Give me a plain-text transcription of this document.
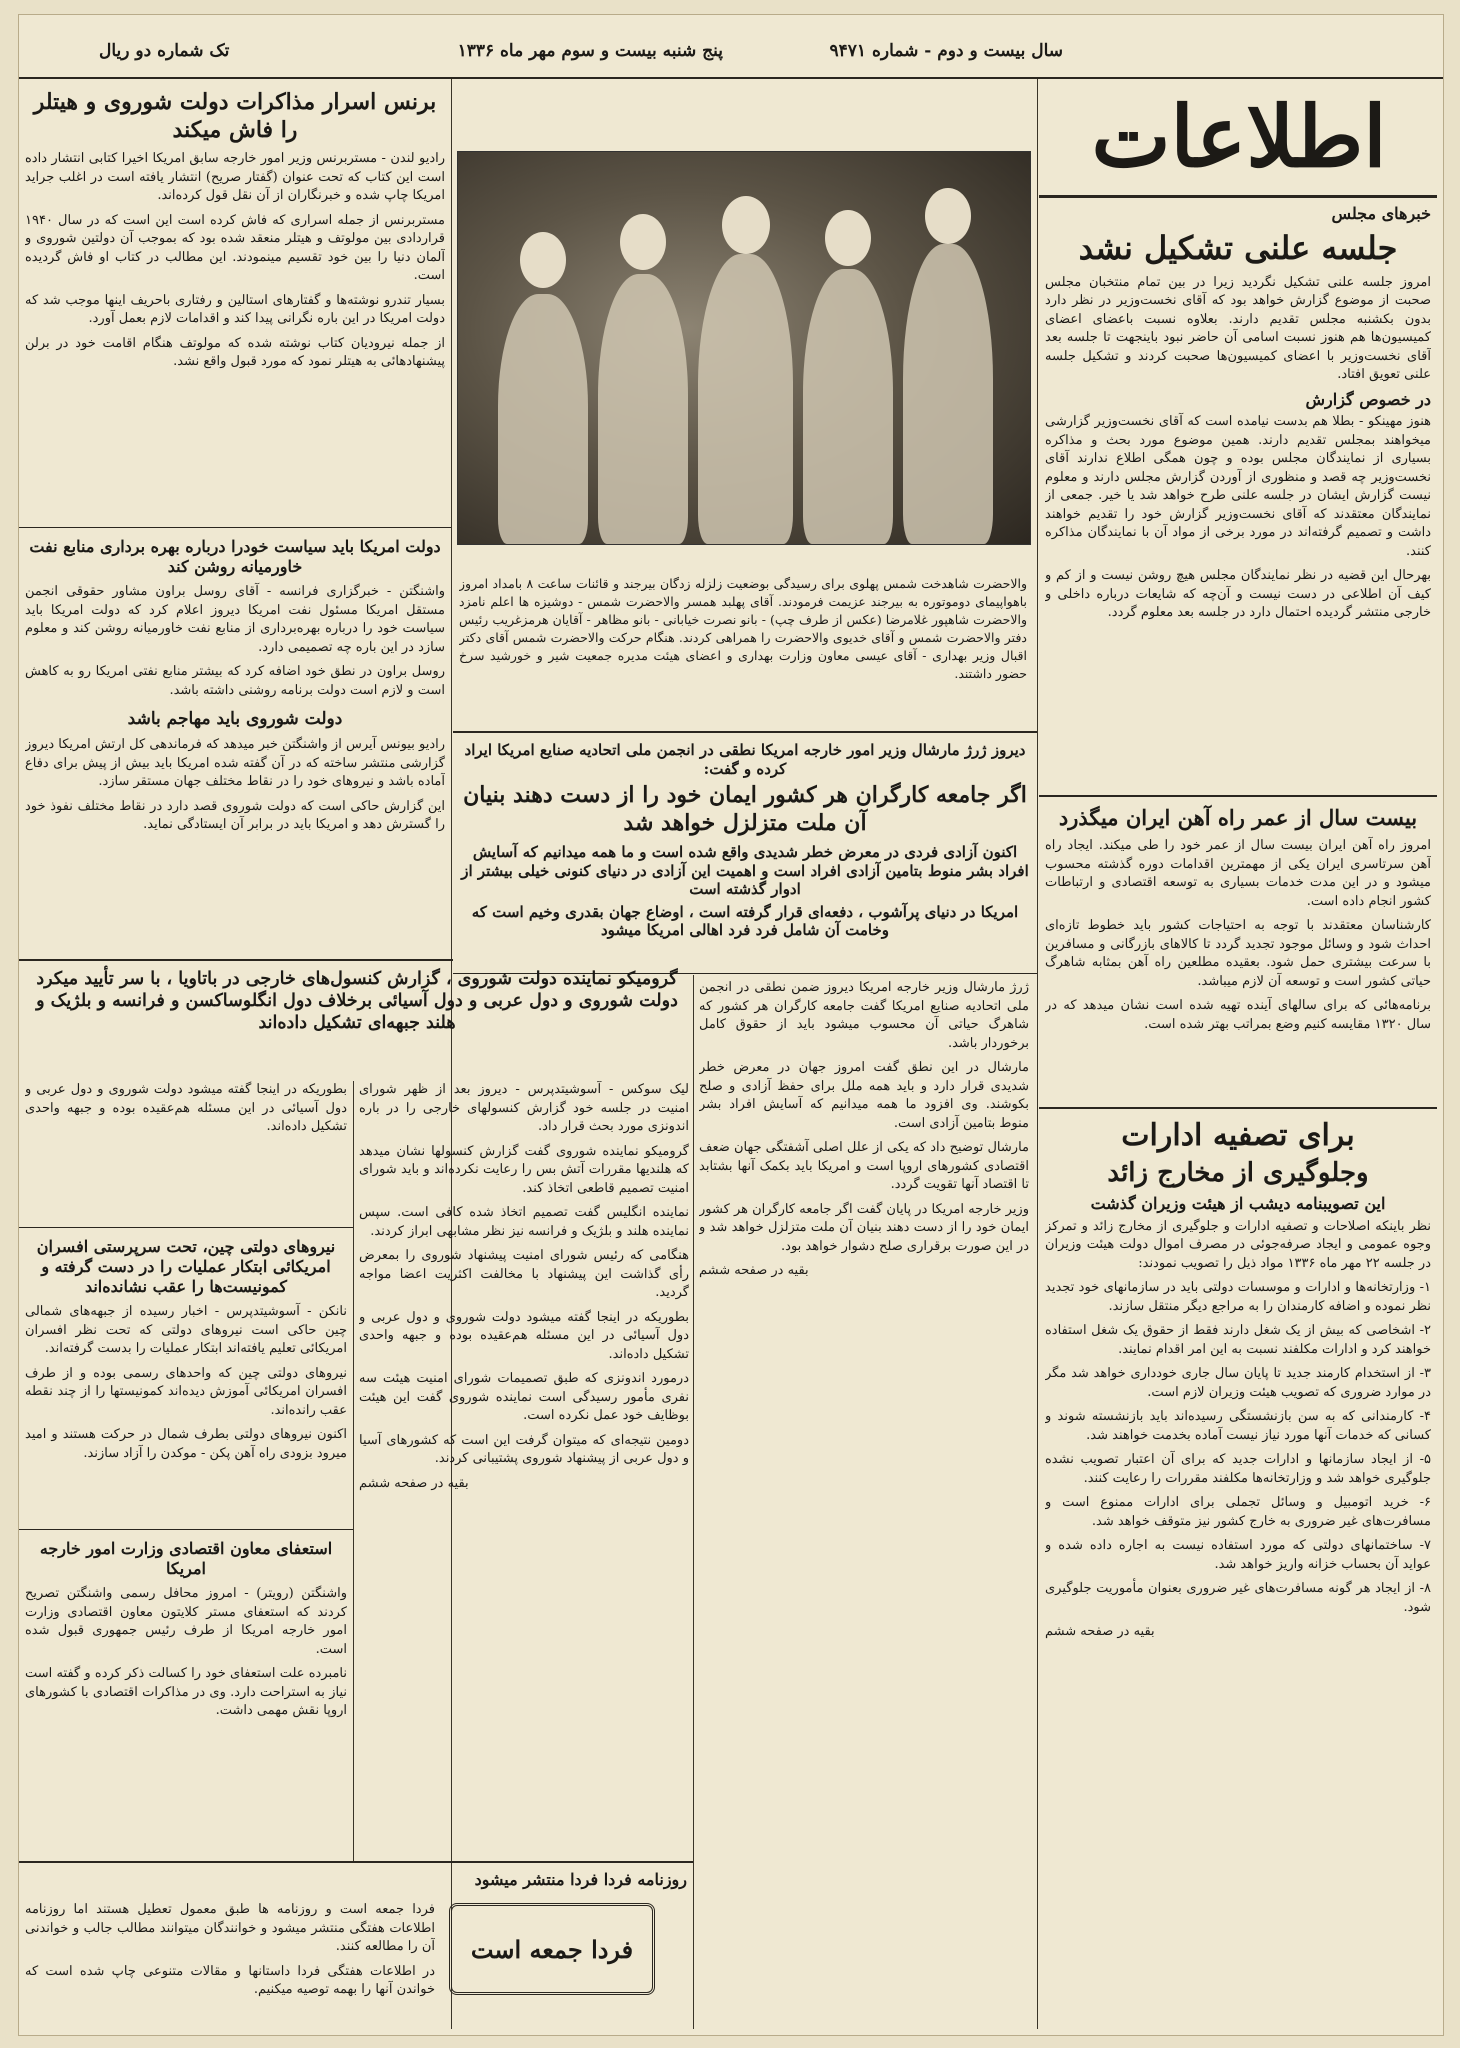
سال بیست و دوم - شماره ۹۴۷۱
پنج شنبه بیست و سوم مهر ماه ۱۳۳۶
تک شماره دو ریال
اطلاعات
خبرهای مجلس
جلسه علنی تشکیل نشد

امروز جلسه علنی تشکیل نگردید زیرا در بین تمام منتخبان مجلس صحبت از موضوع گزارش خواهد بود که آقای نخست‌وزیر در نظر دارد بدون بکشنبه مجلس تقدیم دارند. بعلاوه نسبت باعضای اعضای کمیسیون‌ها هم هنوز نسبت اسامی آن حاضر نبود باینجهت تا جلسه بعد آقای نخست‌وزیر با اعضای کمیسیون‌ها صحبت کردند و تشکیل جلسه علنی تعویق افتاد.

در خصوص گزارش

هنوز مهینکو - بطلا هم بدست نیامده است که آقای نخست‌وزیر گزارشی میخواهند بمجلس تقدیم دارند. همین موضوع مورد بحث و مذاکره بسیاری از نمایندگان مجلس بوده و چون همگی اطلاع ندارند آقای نخست‌وزیر چه قصد و منظوری از آوردن گزارش مجلس دارند و معلوم نیست گزارش ایشان در جلسه علنی طرح خواهد شد یا خیر. جمعی از نمایندگان معتقدند که آقای نخست‌وزیر گزارش خود را تقدیم خواهند داشت و تصمیم گرفته‌اند در مورد برخی از مواد آن با نمایندگان مذاکره کنند.

بهرحال این قضیه در نظر نمایندگان مجلس هیچ روشن نیست و از کم و کیف آن اطلاعی در دست نیست و آن‌چه که شایعات درباره داخلی و خارجی منتشر گردیده احتمال دارد در جلسه بعد معلوم گردد.

بیست سال از عمر راه آهن ایران میگذرد

امروز راه آهن ایران بیست سال از عمر خود را طی میکند. ایجاد راه آهن سرتاسری ایران یکی از مهمترین اقدامات دوره گذشته محسوب میشود و در این مدت خدمات بسیاری به توسعه اقتصادی و ارتباطات کشور انجام داده است.

کارشناسان معتقدند با توجه به احتیاجات کشور باید خطوط تازه‌ای احداث شود و وسائل موجود تجدید گردد تا کالاهای بازرگانی و مسافرین با سرعت بیشتری حمل شود. بعقیده مطلعین راه آهن بمثابه شاهرگ حیاتی کشور است و توسعه آن لازم میباشد.

برنامه‌هائی که برای سالهای آینده تهیه شده است نشان میدهد که در سال ۱۳۲۰ مقایسه کنیم وضع بمراتب بهتر شده است.

برای تصفیه ادارات
وجلوگیری از مخارج زائد
این تصویبنامه دیشب از هیئت وزیران گذشت

نظر باینکه اصلاحات و تصفیه ادارات و جلوگیری از مخارج زائد و تمرکز وجوه عمومی و ایجاد صرفه‌جوئی در مصرف اموال دولت هیئت وزیران در جلسه ۲۲ مهر ماه ۱۳۳۶ مواد ذیل را تصویب نمودند:

۱- وزارتخانه‌ها و ادارات و موسسات دولتی باید در سازمانهای خود تجدید نظر نموده و اضافه کارمندان را به مراجع دیگر منتقل سازند.

۲- اشخاصی که بیش از یک شغل دارند فقط از حقوق یک شغل استفاده خواهند کرد و ادارات مکلفند نسبت به این امر اقدام نمایند.

۳- از استخدام کارمند جدید تا پایان سال جاری خودداری خواهد شد مگر در موارد ضروری که تصویب هیئت وزیران لازم است.

۴- کارمندانی که به سن بازنشستگی رسیده‌اند باید بازنشسته شوند و کسانی که خدمات آنها مورد نیاز نیست آماده بخدمت خواهند شد.

۵- از ایجاد سازمانها و ادارات جدید که برای آن اعتبار تصویب نشده جلوگیری خواهد شد و وزارتخانه‌ها مکلفند مقررات را رعایت کنند.

۶- خرید اتومبیل و وسائل تجملی برای ادارات ممنوع است و مسافرت‌های غیر ضروری به خارج کشور نیز متوقف خواهد شد.

۷- ساختمانهای دولتی که مورد استفاده نیست به اجاره داده شده و عواید آن بحساب خزانه واریز خواهد شد.

۸- از ایجاد هر گونه مسافرت‌های غیر ضروری بعنوان مأموریت جلوگیری شود.

بقیه در صفحه ششم

والاحضرت شاهدخت شمس پهلوی برای رسیدگی بوضعیت زلزله زدگان بیرجند و قائنات ساعت ۸ بامداد امروز باهواپیمای دوموتوره به بیرجند عزیمت فرمودند. آقای پهلبد همسر والاحضرت شمس - دوشیزه ها اعلم نامزد والاحضرت شاهپور غلامرضا (عکس از طرف چپ) - بانو نصرت خیابانی - بانو مظاهر - آقایان هرمزغریب رئیس دفتر والاحضرت شمس و آقای خدیوی والاحضرت را همراهی کردند. هنگام حرکت والاحضرت شمس آقای دکتر اقبال وزیر بهداری - آقای عیسی معاون وزارت بهداری و اعضای هیئت مدیره جمعیت شیر و خورشید سرخ حضور داشتند.
دیروز ژرژ مارشال وزیر امور خارجه امریکا نطقی در انجمن ملی اتحادیه صنایع امریکا ایراد کرده و گفت:
اگر جامعه کارگران هر کشور ایمان خود را از دست دهند بنیان آن ملت متزلزل خواهد شد
اکنون آزادی فردی در معرض خطر شدیدی واقع شده است و ما همه میدانیم که آسایش افراد بشر منوط بتامین آزادی افراد است و اهمیت این آزادی در دنیای کنونی خیلی بیشتر از ادوار گذشته است
امریکا در دنیای پرآشوب ، دفعه‌ای قرار گرفته است ، اوضاع جهان بقدری وخیم است که وخامت آن شامل فرد فرد اهالی امریکا میشود

ژرژ مارشال وزیر خارجه امریکا دیروز ضمن نطقی در انجمن ملی اتحادیه صنایع امریکا گفت جامعه کارگران هر کشور که شاهرگ حیاتی آن محسوب میشود باید از حقوق کامل برخوردار باشد.

مارشال در این نطق گفت امروز جهان در معرض خطر شدیدی قرار دارد و باید همه ملل برای حفظ آزادی و صلح بکوشند. وی افزود ما همه میدانیم که آسایش افراد بشر منوط بتامین آزادی است.

مارشال توضیح داد که یکی از علل اصلی آشفتگی جهان ضعف اقتصادی کشورهای اروپا است و امریکا باید بکمک آنها بشتابد تا اقتصاد آنها تقویت گردد.

وزیر خارجه امریکا در پایان گفت اگر جامعه کارگران هر کشور ایمان خود را از دست دهند بنیان آن ملت متزلزل خواهد شد و در این صورت برقراری صلح دشوار خواهد بود.

بقیه در صفحه ششم

برنس اسرار مذاکرات دولت شوروی و هیتلر را فاش میکند

رادیو لندن - مستربرنس وزیر امور خارجه سابق امریکا اخیرا کتابی انتشار داده است این کتاب که تحت عنوان (گفتار صریح) انتشار یافته است در اغلب جراید امریکا چاپ شده و خبرنگاران از آن نقل قول کرده‌اند.

مستربرنس از جمله اسراری که فاش کرده است این است که در سال ۱۹۴۰ قراردادی بین مولوتف و هیتلر منعقد شده بود که بموجب آن دولتین شوروی و آلمان دنیا را بین خود تقسیم مینمودند. این مطالب در کتاب او فاش گردیده است.

بسیار تندرو نوشته‌ها و گفتارهای استالین و رفتاری باحریف اینها موجب شد که دولت امریکا در این باره نگرانی پیدا کند و اقدامات لازم بعمل آورد.

از جمله نیرودیان کتاب نوشته شده که مولوتف هنگام اقامت خود در برلن پیشنهادهائی به هیتلر نمود که مورد قبول واقع نشد.

دولت امریکا باید سیاست خودرا درباره بهره برداری منابع نفت خاورمیانه روشن کند

واشنگتن - خبرگزاری فرانسه - آقای روسل براون مشاور حقوقی انجمن مستقل امریکا مسئول نفت امریکا دیروز اعلام کرد که دولت امریکا باید سیاست خود را درباره بهره‌برداری از منابع نفت خاورمیانه روشن کند و معلوم سازد در این باره چه تصمیمی دارد.

روسل براون در نطق خود اضافه کرد که بیشتر منابع نفتی امریکا رو به کاهش است و لازم است دولت برنامه روشنی داشته باشد.

دولت شوروی باید مهاجم باشد

رادیو بیونس آیرس از واشنگتن خبر میدهد که فرماندهی کل ارتش امریکا دیروز گزارشی منتشر ساخته که در آن گفته شده امریکا باید بیش از پیش برای دفاع آماده باشد و نیروهای خود را در نقاط مختلف جهان مستقر سازد.

این گزارش حاکی است که دولت شوروی قصد دارد در نقاط مختلف نفوذ خود را گسترش دهد و امریکا باید در برابر آن ایستادگی نماید.

گرومیکو نماینده دولت شوروی ، گزارش کنسول‌های خارجی در باتاویا ، با سر تأیید میکرد دولت شوروی و دول عربی و دول آسیائی برخلاف دول انگلوساکسن و فرانسه و بلژیک و هلند جبهه‌ای تشکیل داده‌اند

لیک سوکس - آسوشیتدپرس - دیروز بعد از ظهر شورای امنیت در جلسه خود گزارش کنسولهای خارجی را در باره اندونزی مورد بحث قرار داد.

گرومیکو نماینده شوروی گفت گزارش کنسولها نشان میدهد که هلندیها مقررات آتش بس را رعایت نکرده‌اند و باید شورای امنیت تصمیم قاطعی اتخاذ کند.

نماینده انگلیس گفت تصمیم اتخاذ شده کافی است. سپس نماینده هلند و بلژیک و فرانسه نیز نظر مشابهی ابراز کردند.

هنگامی که رئیس شورای امنیت پیشنهاد شوروی را بمعرض رأی گذاشت این پیشنهاد با مخالفت اکثریت اعضا مواجه گردید.

بطوریکه در اینجا گفته میشود دولت شوروی و دول عربی و دول آسیائی در این مسئله هم‌عقیده بوده و جبهه واحدی تشکیل داده‌اند.

درمورد اندونزی که طبق تصمیمات شورای امنیت هیئت سه نفری مأمور رسیدگی است نماینده شوروی گفت این هیئت بوظایف خود عمل نکرده است.

دومین نتیجه‌ای که میتوان گرفت این است که کشورهای آسیا و دول عربی از پیشنهاد شوروی پشتیبانی کردند.

بقیه در صفحه ششم

بطوریکه در اینجا گفته میشود دولت شوروی و دول عربی و دول آسیائی در این مسئله هم‌عقیده بوده و جبهه واحدی تشکیل داده‌اند.

نیروهای دولتی چین، تحت سرپرستی افسران امریکائی ابتکار عملیات را در دست گرفته و کمونیست‌ها را عقب نشانده‌اند

نانکن - آسوشیتدپرس - اخبار رسیده از جبهه‌های شمالی چین حاکی است نیروهای دولتی که تحت نظر افسران امریکائی تعلیم یافته‌اند ابتکار عملیات را بدست گرفته‌اند.

نیروهای دولتی چین که واحدهای رسمی بوده و از طرف افسران امریکائی آموزش دیده‌اند کمونیستها را از چند نقطه عقب رانده‌اند.

اکنون نیروهای دولتی بطرف شمال در حرکت هستند و امید میرود بزودی راه آهن پکن - موکدن را آزاد سازند.

استعفای معاون اقتصادی وزارت امور خارجه امریکا

واشنگتن (رویتر) - امروز محافل رسمی واشنگتن تصریح کردند که استعفای مستر کلایتون معاون اقتصادی وزارت امور خارجه امریکا از طرف رئیس جمهوری قبول شده است.

نامبرده علت استعفای خود را کسالت ذکر کرده و گفته است نیاز به استراحت دارد. وی در مذاکرات اقتصادی با کشورهای اروپا نقش مهمی داشت.

روزنامه فردا فردا منتشر میشود
فردا جمعه است

فردا جمعه است و روزنامه ها طبق معمول تعطیل هستند اما روزنامه اطلاعات هفتگی منتشر میشود و خوانندگان میتوانند مطالب جالب و خواندنی آن را مطالعه کنند.

در اطلاعات هفتگی فردا داستانها و مقالات متنوعی چاپ شده است که خواندن آنها را بهمه توصیه میکنیم.
